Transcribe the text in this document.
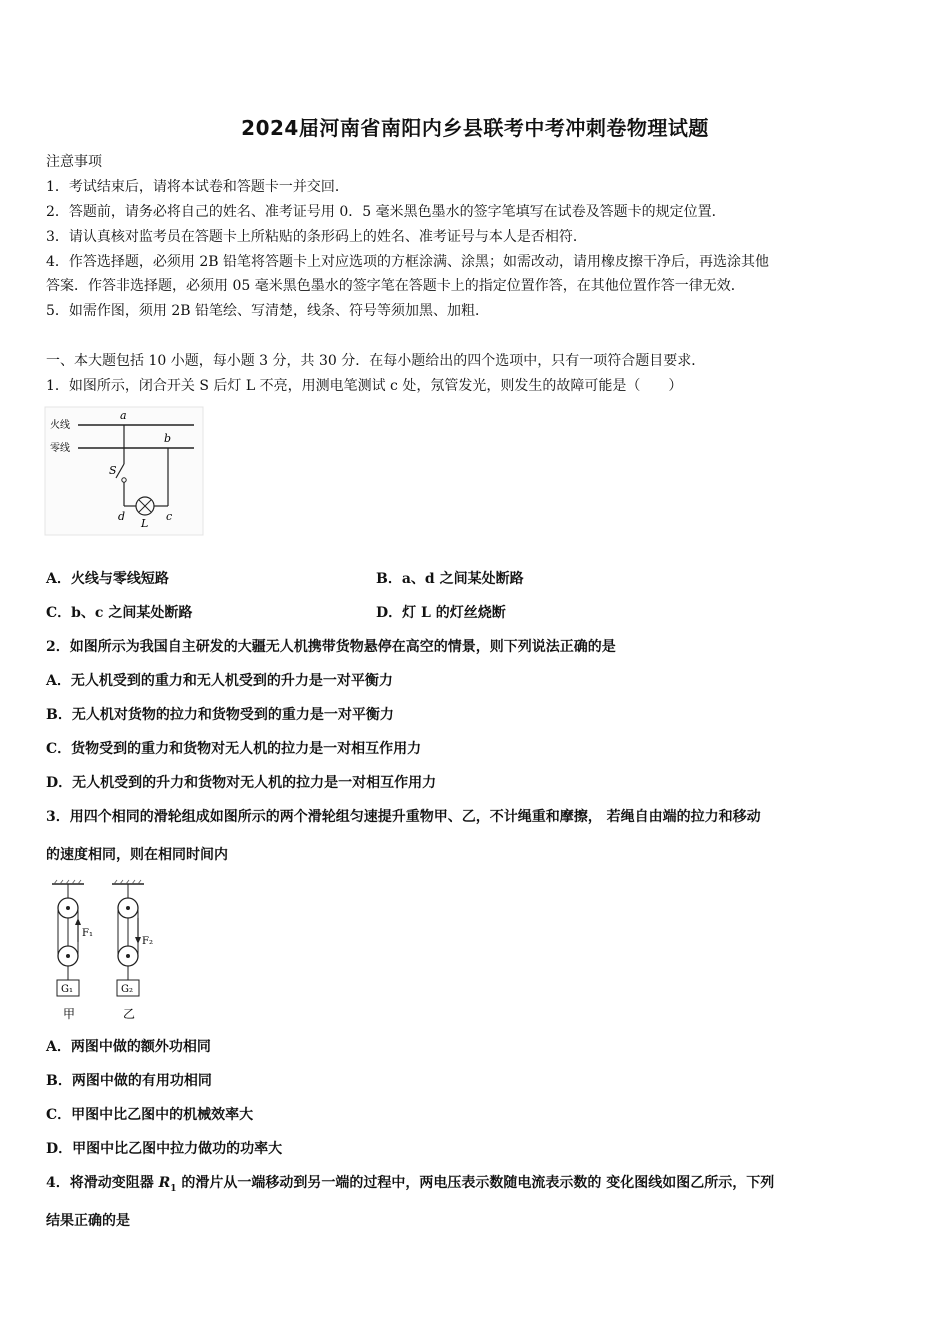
2024届河南省南阳内乡县联考中考冲刺卷物理试题
注意事项
1．考试结束后，请将本试卷和答题卡一并交回．
2．答题前，请务必将自己的姓名、准考证号用 0．5 毫米黑色墨水的签字笔填写在试卷及答题卡的规定位置．
3．请认真核对监考员在答题卡上所粘贴的条形码上的姓名、准考证号与本人是否相符．
4．作答选择题，必须用 2B 铅笔将答题卡上对应选项的方框涂满、涂黑；如需改动，请用橡皮擦干净后，再选涂其他
答案．作答非选择题，必须用 05 毫米黑色墨水的签字笔在答题卡上的指定位置作答，在其他位置作答一律无效．
5．如需作图，须用 2B 铅笔绘、写清楚，线条、符号等须加黑、加粗．
一、本大题包括 10 小题，每小题 3 分，共 30 分．在每小题给出的四个选项中，只有一项符合题目要求．
1．如图所示，闭合开关 S 后灯 L 不亮，用测电笔测试 c 处，氖管发光，则发生的故障可能是（　　）
火线
零线
a
b
S
d
L
c
A．火线与零线短路	B．a、d 之间某处断路
C．b、c 之间某处断路	D．灯 L 的灯丝烧断
2．如图所示为我国自主研发的大疆无人机携带货物悬停在高空的情景，则下列说法正确的是
A．无人机受到的重力和无人机受到的升力是一对平衡力
B．无人机对货物的拉力和货物受到的重力是一对平衡力
C．货物受到的重力和货物对无人机的拉力是一对相互作用力
D．无人机受到的升力和货物对无人机的拉力是一对相互作用力
3．用四个相同的滑轮组成如图所示的两个滑轮组匀速提升重物甲、乙，不计绳重和摩擦， 若绳自由端的拉力和移动
的速度相同，则在相同时间内
F₁
G₁
甲
F₂
G₂
乙
A．两图中做的额外功相同
B．两图中做的有用功相同
C．甲图中比乙图中的机械效率大
D．甲图中比乙图中拉力做功的功率大
4．将滑动变阻器 $R_1$ 的滑片从一端移动到另一端的过程中，两电压表示数随电流表示数的 变化图线如图乙所示，下列
结果正确的是
